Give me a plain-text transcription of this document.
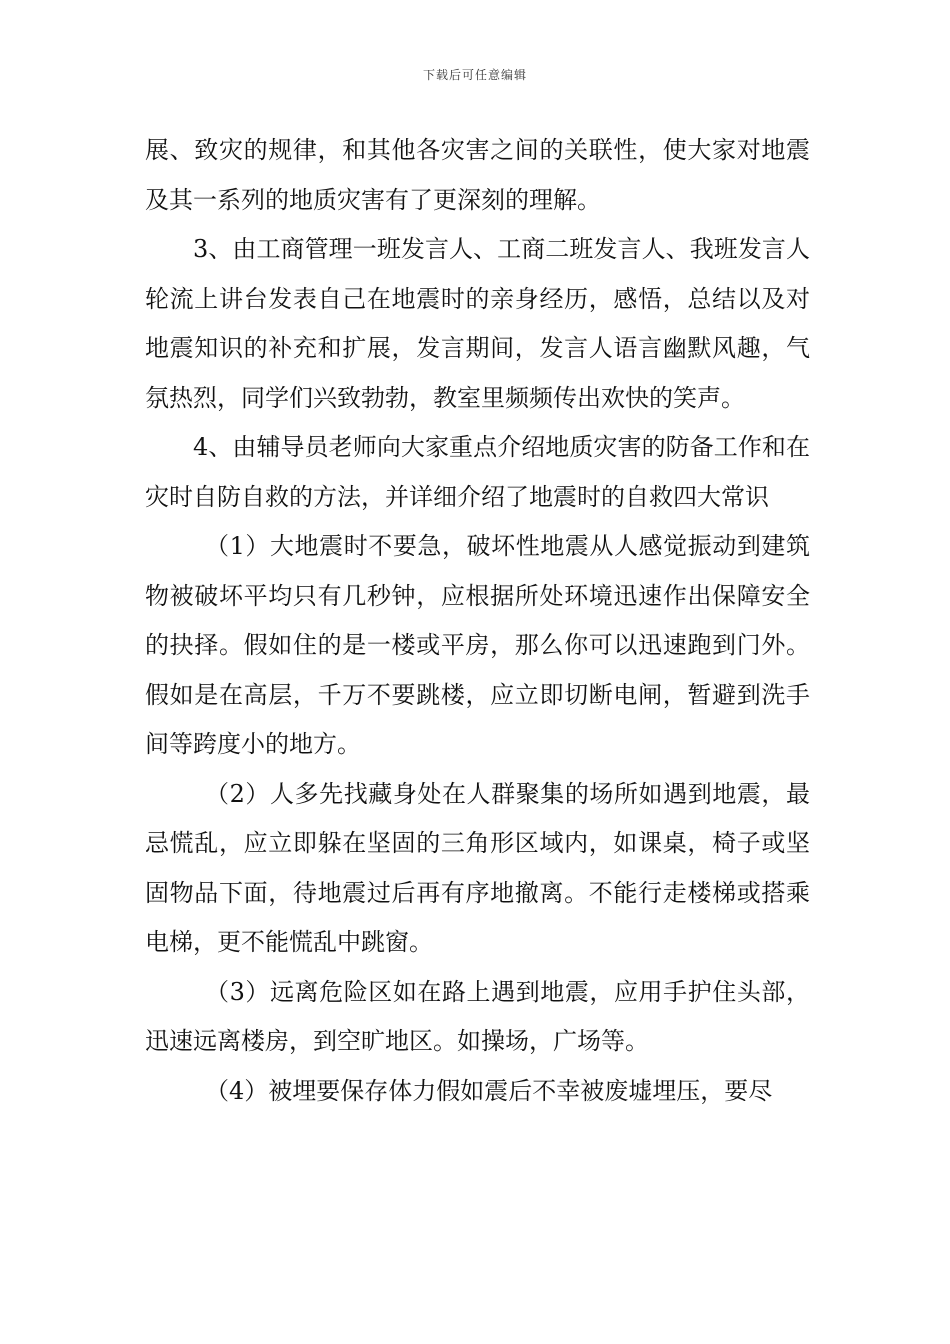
下载后可任意编辑

展、致灾的规律，和其他各灾害之间的关联性，使大家对地震及其一系列的地质灾害有了更深刻的理解。

3、由工商管理一班发言人、工商二班发言人、我班发言人轮流上讲台发表自己在地震时的亲身经历，感悟，总结以及对地震知识的补充和扩展，发言期间，发言人语言幽默风趣，气氛热烈，同学们兴致勃勃，教室里频频传出欢快的笑声。

4、由辅导员老师向大家重点介绍地质灾害的防备工作和在灾时自防自救的方法，并详细介绍了地震时的自救四大常识

（1）大地震时不要急，破坏性地震从人感觉振动到建筑物被破坏平均只有几秒钟，应根据所处环境迅速作出保障安全的抉择。假如住的是一楼或平房，那么你可以迅速跑到门外。假如是在高层，千万不要跳楼，应立即切断电闸，暂避到洗手间等跨度小的地方。

（2）人多先找藏身处在人群聚集的场所如遇到地震，最忌慌乱，应立即躲在坚固的三角形区域内，如课桌，椅子或坚固物品下面，待地震过后再有序地撤离。不能行走楼梯或搭乘电梯，更不能慌乱中跳窗。

（3）远离危险区如在路上遇到地震，应用手护住头部，迅速远离楼房，到空旷地区。如操场，广场等。

（4）被埋要保存体力假如震后不幸被废墟埋压，要尽
